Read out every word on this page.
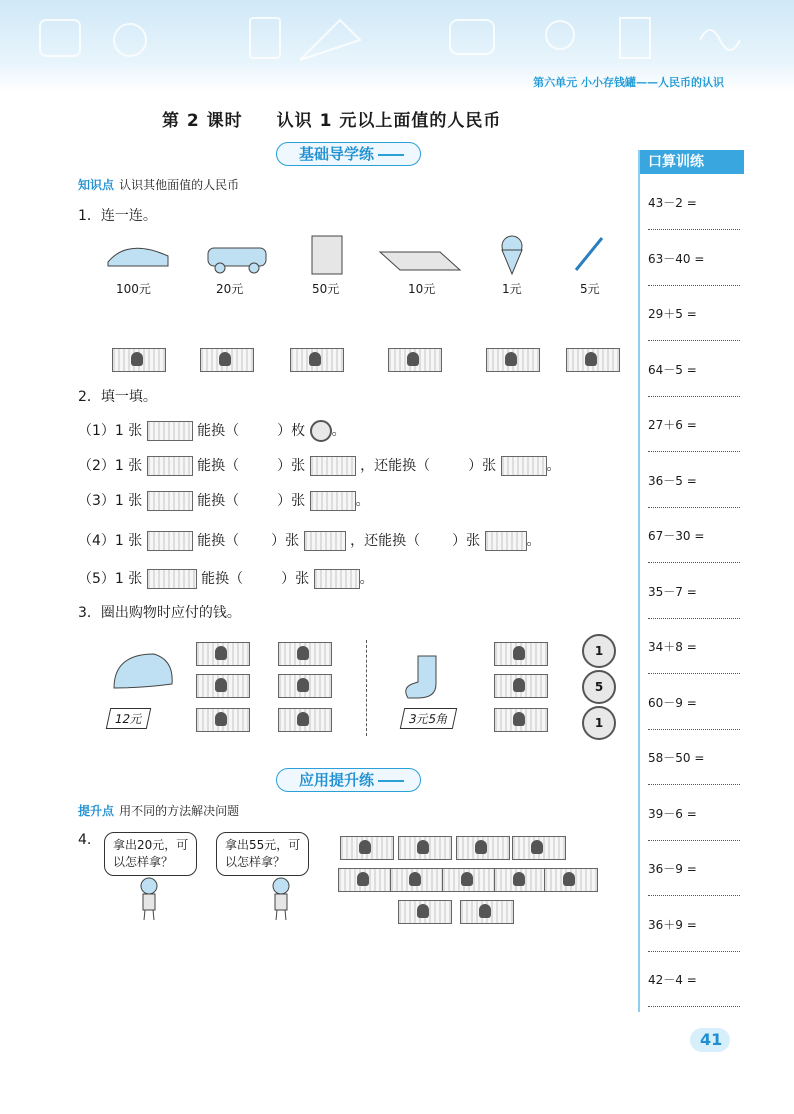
第六单元 小小存钱罐——人民币的认识
第 2 课时 认识 1 元以上面值的人民币
基础导学练
知识点 认识其他面值的人民币
1．连一连。
100元	20元	50元	10元	1元	5元
2．填一填。
（1）1 张	能换（	）枚 。
（2）1 张	能换（	）张	，还能换（	）张	。
（3）1 张	能换（	）张	。
（4）1 张	能换（ ）张	，还能换（ ）张	。
（5）1 张	能换（	）张	。
3．圈出购物时应付的钱。
12元	3元5角
1
5
1
应用提升练
提升点 用不同的方法解决问题
4. 拿出20元，可
以怎样拿？
拿出55元，可
以怎样拿？
口算训练
43－2 =
63－40 =
29＋5 =
64－5 =
27＋6 =
36－5 =
67－30 =
35－7 =
34＋8 =
60－9 =
58－50 =
39－6 =
36－9 =
36＋9 =
42－4 =
41
